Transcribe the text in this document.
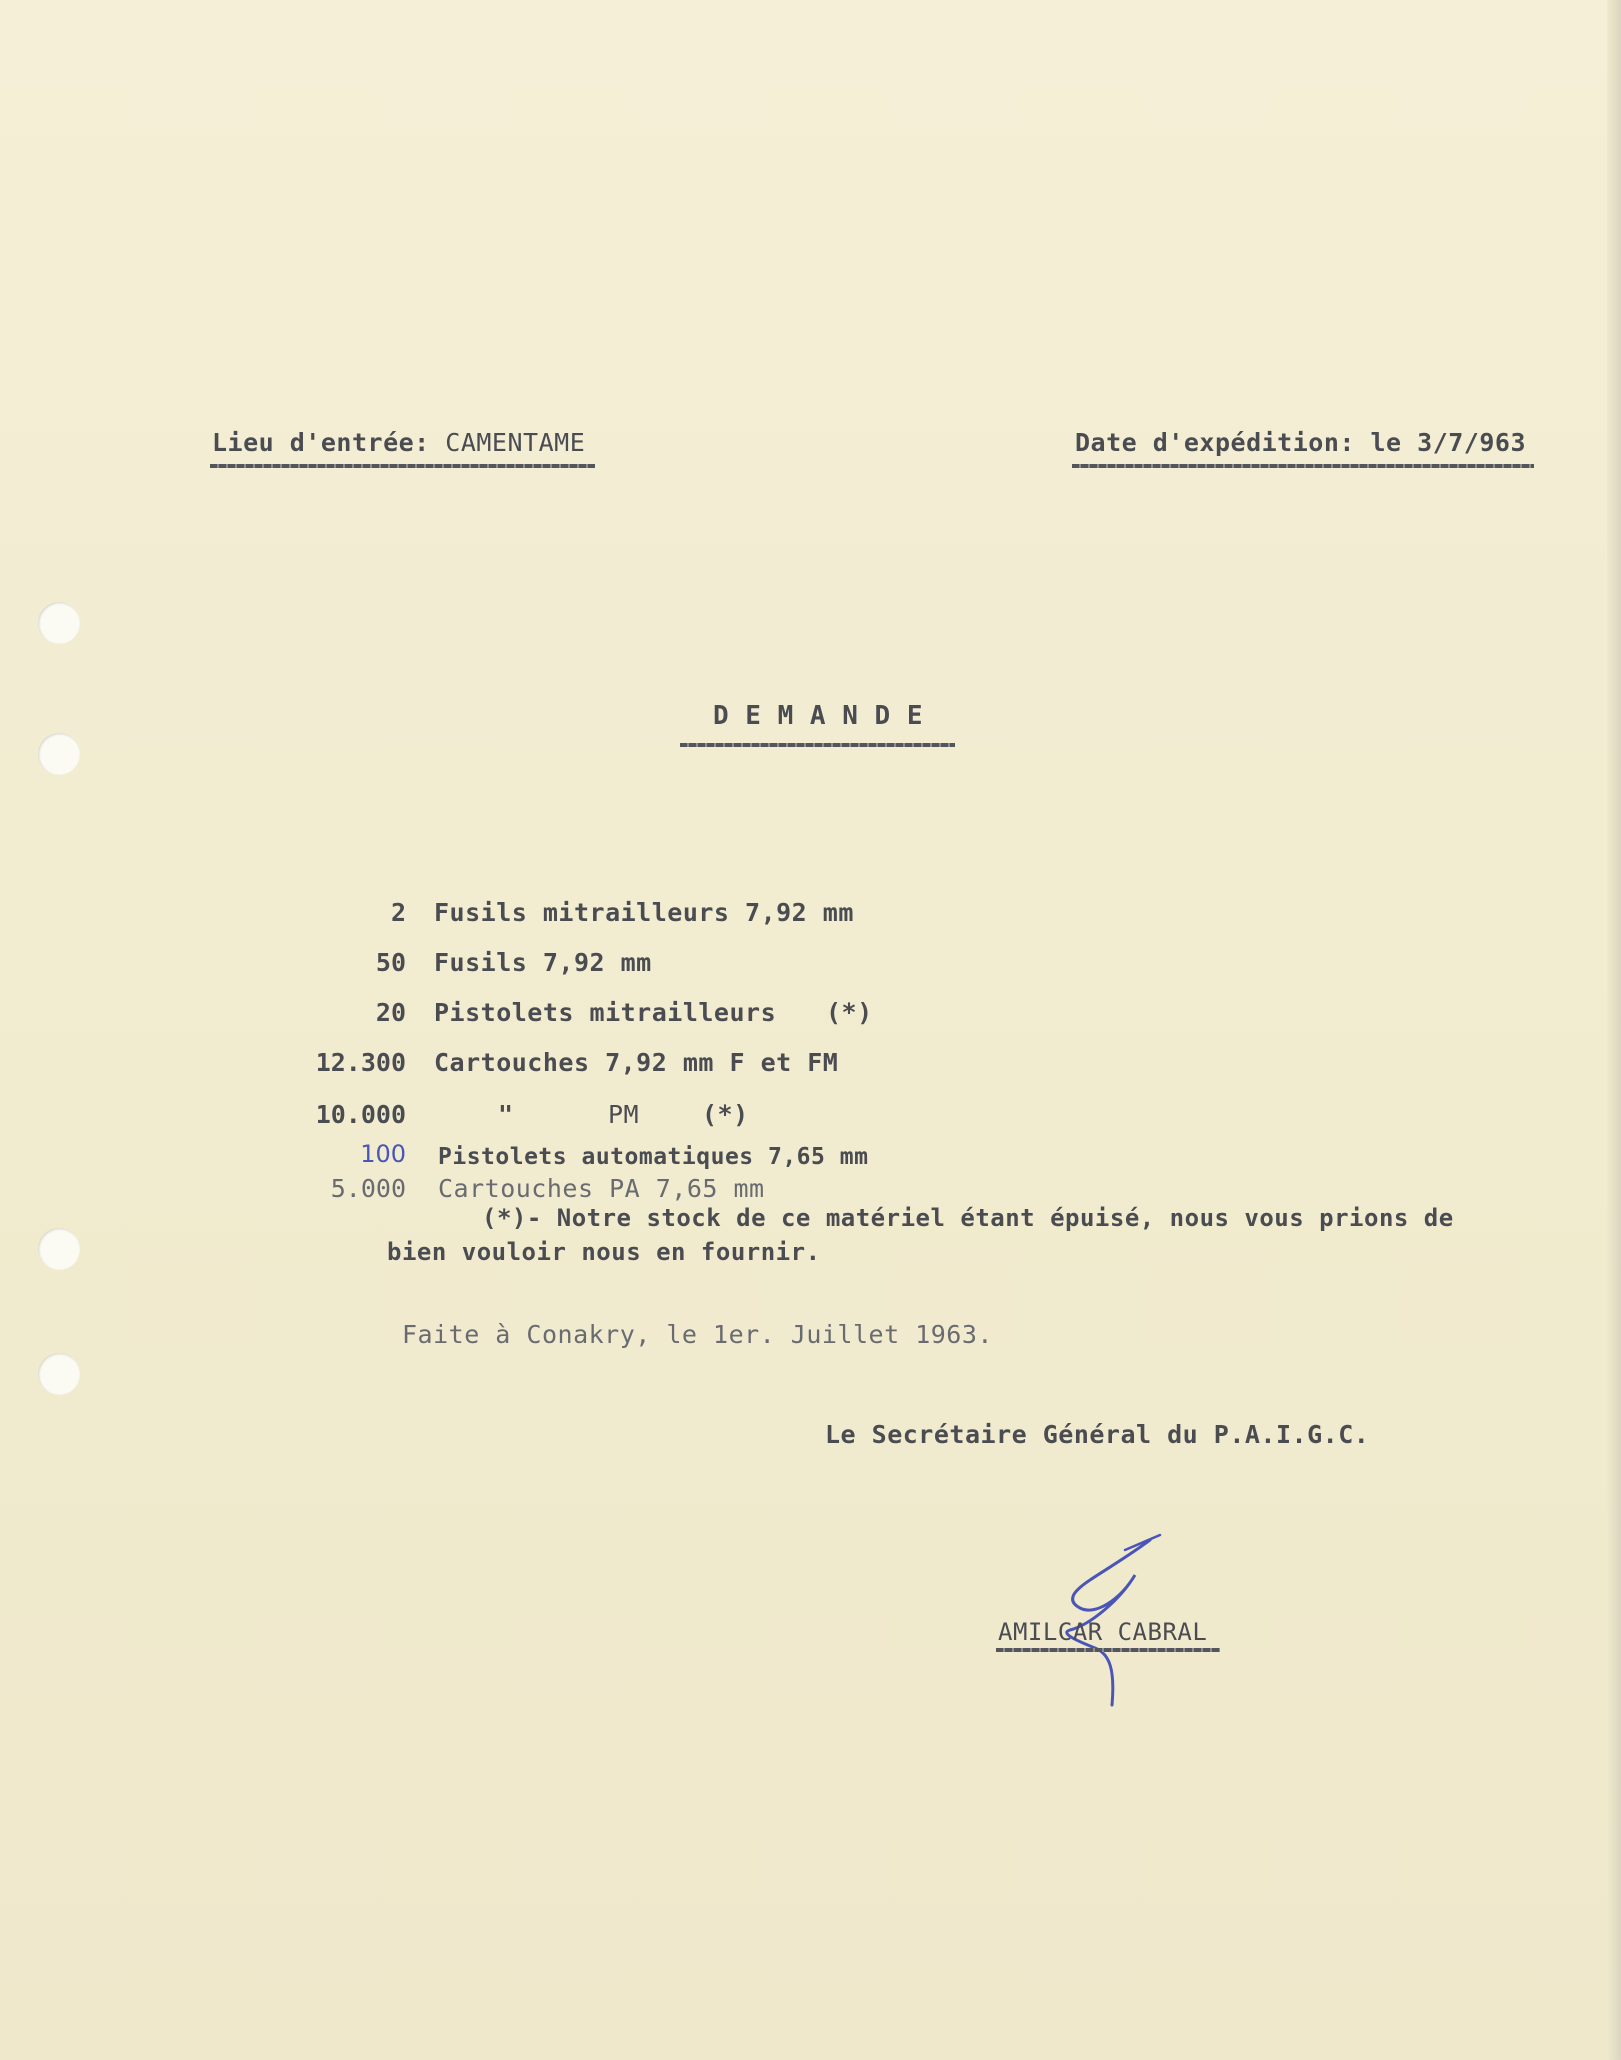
Lieu d'entrée: CAMENTAME	Date d'expédition: le 3/7/963
D E M A N D E
2 Fusils mitrailleurs 7,92 mm
50 Fusils 7,92 mm
20 Pistolets mitrailleurs (*)
12.300 Cartouches 7,92 mm F et FM
10.000	"	PM	(*)
100 Pistolets automatiques 7,65 mm
5.000 Cartouches PA 7,65 mm
(*)- Notre stock de ce matériel étant épuisé, nous vous prions de
bien vouloir nous en fournir.
Faite à Conakry, le 1er. Juillet 1963.
Le Secrétaire Général du P.A.I.G.C.
AMILCAR CABRAL
